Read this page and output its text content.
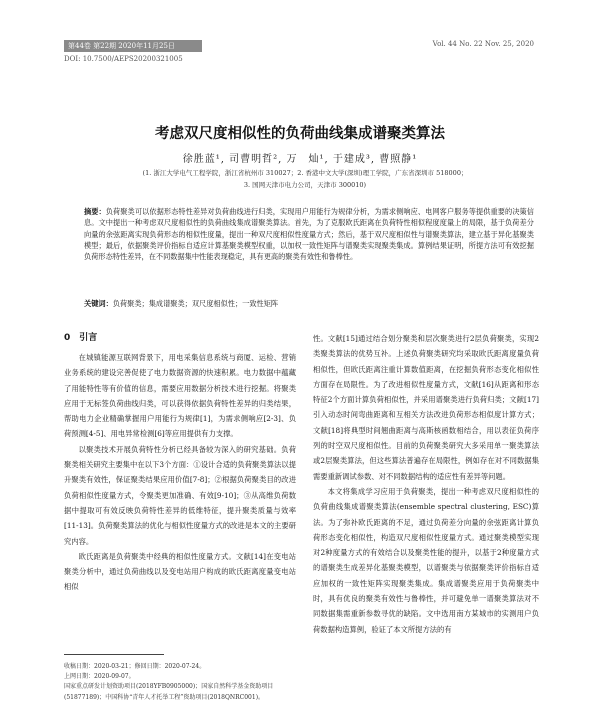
第44卷 第22期 2020年11月25日	Vol. 44 No. 22 Nov. 25, 2020
DOI: 10.7500/AEPS20200321005
考虑双尺度相似性的负荷曲线集成谱聚类算法
徐胜蓝¹ , 司曹明哲² , 万　灿¹ , 于建成³ , 曹照静¹
(1. 浙江大学电气工程学院，浙江省杭州市 310027；2. 香港中文大学(深圳)理工学院，广东省深圳市 518000；
3. 国网天津市电力公司，天津市 300010)
摘要：负荷聚类可以依据形态特性差异对负荷曲线进行归类，实现用户用能行为规律分析，为需求侧响应、电网客户服务等提供重要的决策信息。文中提出一种考虑双尺度相似性的负荷曲线集成谱聚类算法。首先，为了克服欧氏距离在负荷特性相似程度度量上的局限，基于负荷差分向量的余弦距离实现负荷形态的相似性度量，提出一种双尺度相似性度量方式；然后，基于双尺度相似性与谱聚类算法，建立基于异化基聚类模型；最后，依据聚类评价指标自适应计算基聚类模型权重，以加权一致性矩阵与谱聚类实现聚类集成。算例结果证明，所提方法可有效挖掘负荷形态特性差异，在不同数据集中性能表现稳定，具有更高的聚类有效性和鲁棒性。
关键词：负荷聚类；集成谱聚类；双尺度相似性；一致性矩阵
0　引言

在城镇能源互联网背景下，用电采集信息系统与商厦、运检、营销业务系统的建设完善促使了电力数据资源的快速积累。电力数据中蕴藏了用能特性等有价值的信息，需要应用数据分析技术进行挖掘。将聚类应用于无标签负荷曲线归类，可以获得依据负荷特性差异的归类结果，帮助电力企业精确掌握用户用能行为规律[1]，为需求侧响应[2-3]、负荷预测[4-5]、用电异常检测[6]等应用提供有力支撑。

以聚类技术开展负荷特性分析已经具备较为深入的研究基础。负荷聚类相关研究主要集中在以下3个方面：①设计合适的负荷聚类算法以提升聚类有效性，保证聚类结果应用价值[7-8]；②根据负荷聚类目的改进负荷相似性度量方式，令聚类更加准确、有效[9-10]；③从高维负荷数据中提取可有效反映负荷特性差异的低维特征，提升聚类质量与效率[11-13]。负荷聚类算法的优化与相似性度量方式的改进是本文的主要研究内容。

欧氏距离是负荷聚类中经典的相似性度量方式。文献[14]在变电站聚类分析中，通过负荷曲线以及变电站用户构成的欧氏距离度量变电站相似

性。文献[15]通过结合划分聚类和层次聚类进行2层负荷聚类，实现2类聚类算法的优势互补。上述负荷聚类研究均采取欧氏距离度量负荷相似性，但欧氏距离注重计算数值距离，在挖掘负荷形态变化相似性方面存在局限性。为了改进相似性度量方式，文献[16]从距离和形态特征2个方面计算负荷相似性，并采用谱聚类进行负荷归类；文献[17]引入动态时间弯曲距离和互相关方法改进负荷形态相似度计算方式；文献[18]将典型时间翘曲距离与高斯核函数相结合，用以表征负荷序列的时空双尺度相似性。目前的负荷聚类研究大多采用单一聚类算法或2层聚类算法，但这些算法普遍存在局限性，例如存在对不同数据集需要重新调试参数、对不同数据结构的适应性有差异等问题。

本文将集成学习应用于负荷聚类，提出一种考虑双尺度相似性的负荷曲线集成谱聚类算法(ensemble spectral clustering, ESC)算法。为了弥补欧氏距离的不足，通过负荷差分向量的余弦距离计算负荷形态变化相似性，构造双尺度相似性度量方式。通过聚类模型实现对2种度量方式的有效结合以及聚类性能的提升，以基于2种度量方式的谱聚类生成差异化基聚类模型，以谱聚类与依据聚类评价指标自适应加权的一致性矩阵实现聚类集成。集成谱聚类应用于负荷聚类中时，具有优良的聚类有效性与鲁棒性，并可避免单一谱聚类算法对不同数据集需重新参数寻优的缺陷。文中选用南方某城市的实测用户负荷数据构造算例，验证了本文所提方法的有

收稿日期：2020-03-21；修回日期：2020-07-24。
上网日期：2020-09-07。
国家重点研发计划资助项目(2018YFB0905000)；国家自然科学基金资助项目(51877189)；中国科协“青年人才托举工程”资助项目(2018QNRC001)。
